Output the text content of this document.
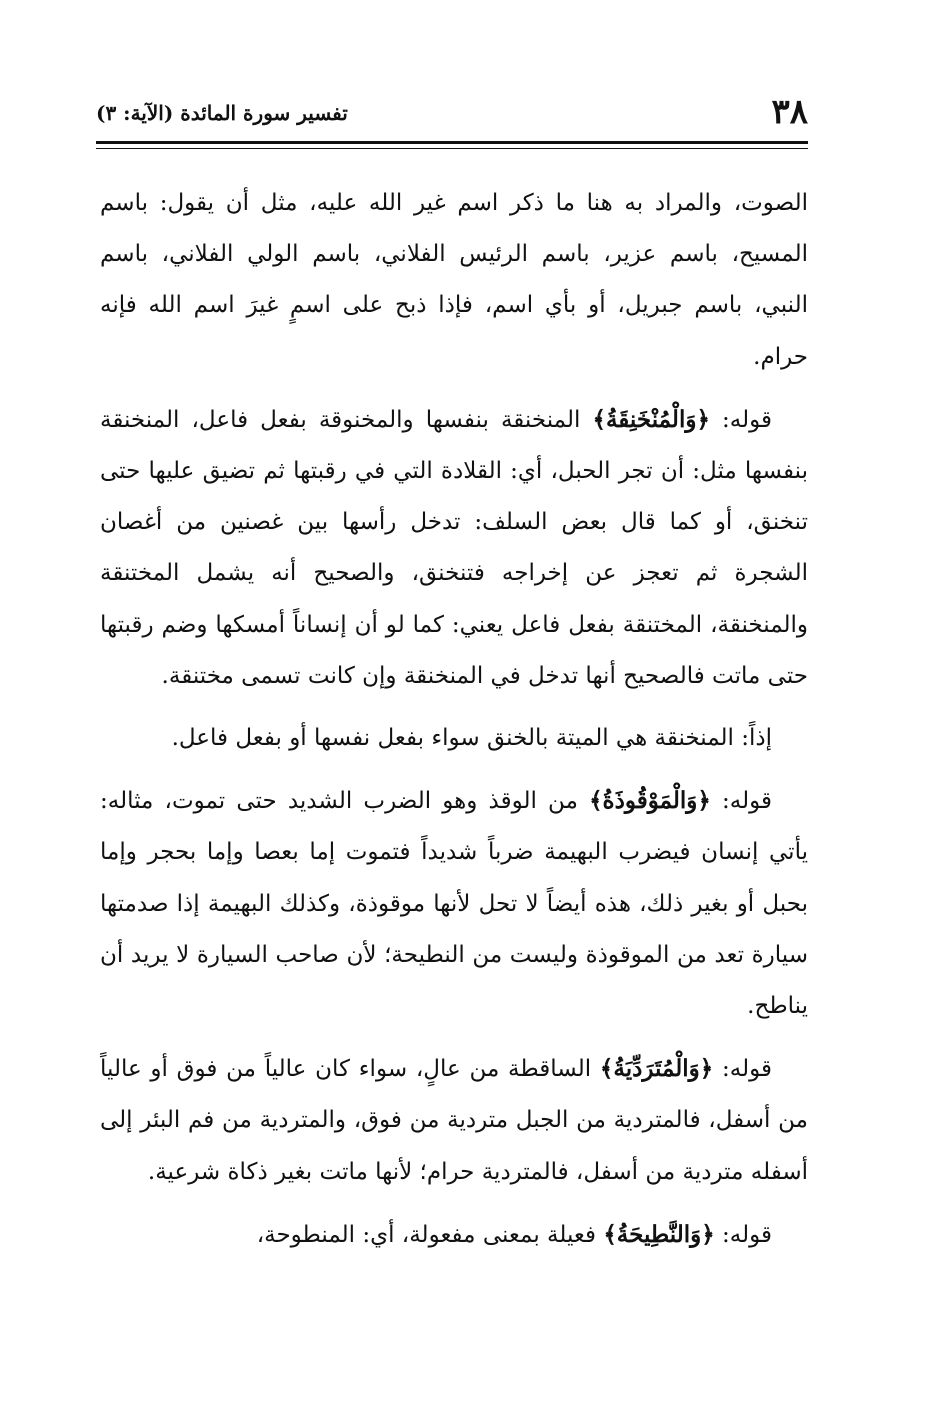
٣٨
تفسير سورة المائدة (الآية: ٣)

الصوت، والمراد به هنا ما ذكر اسم غير الله عليه، مثل أن يقول: باسم المسيح، باسم عزير، باسم الرئيس الفلاني، باسم الولي الفلاني، باسم النبي، باسم جبريل، أو بأي اسم، فإذا ذبح على اسمٍ غيرَ اسم الله فإنه حرام.

قوله: ﴿وَالْمُنْخَنِقَةُ﴾ المنخنقة بنفسها والمخنوقة بفعل فاعل، المنخنقة بنفسها مثل: أن تجر الحبل، أي: القلادة التي في رقبتها ثم تضيق عليها حتى تنخنق، أو كما قال بعض السلف: تدخل رأسها بين غصنين من أغصان الشجرة ثم تعجز عن إخراجه فتنخنق، والصحيح أنه يشمل المختنقة والمنخنقة، المختنقة بفعل فاعل يعني: كما لو أن إنساناً أمسكها وضم رقبتها حتى ماتت فالصحيح أنها تدخل في المنخنقة وإن كانت تسمى مختنقة.

إذاً: المنخنقة هي الميتة بالخنق سواء بفعل نفسها أو بفعل فاعل.

قوله: ﴿وَالْمَوْقُوذَةُ﴾ من الوقذ وهو الضرب الشديد حتى تموت، مثاله: يأتي إنسان فيضرب البهيمة ضرباً شديداً فتموت إما بعصا وإما بحجر وإما بحبل أو بغير ذلك، هذه أيضاً لا تحل لأنها موقوذة، وكذلك البهيمة إذا صدمتها سيارة تعد من الموقوذة وليست من النطيحة؛ لأن صاحب السيارة لا يريد أن يناطح.

قوله: ﴿وَالْمُتَرَدِّيَةُ﴾ الساقطة من عالٍ، سواء كان عالياً من فوق أو عالياً من أسفل، فالمتردية من الجبل متردية من فوق، والمتردية من فم البئر إلى أسفله متردية من أسفل، فالمتردية حرام؛ لأنها ماتت بغير ذكاة شرعية.

قوله: ﴿وَالنَّطِيحَةُ﴾ فعيلة بمعنى مفعولة، أي: المنطوحة،
